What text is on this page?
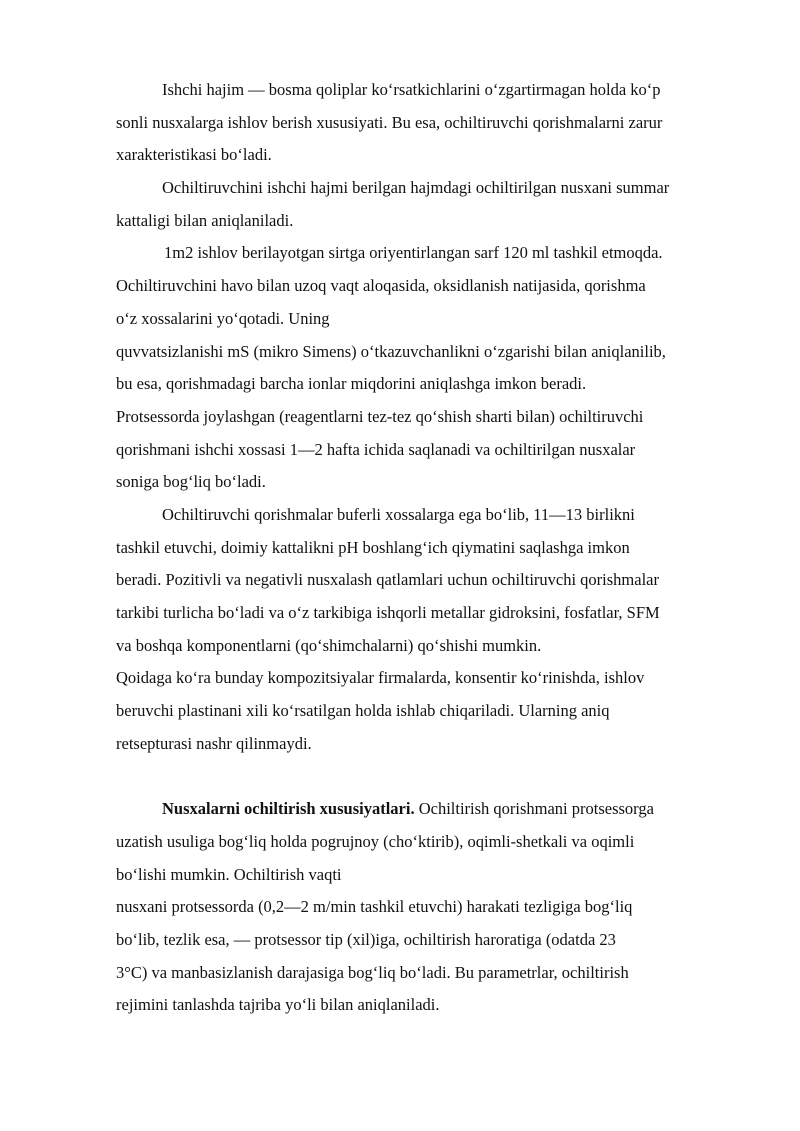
Ishchi hajim — bosma qoliplar ko‘rsatkichlarini o‘zgartirmagan holda ko‘p
sonli nusxalarga ishlov berish xususiyati. Bu esa, ochiltiruvchi qorishmalarni zarur
xarakteristikasi bo‘ladi.
Ochiltiruvchini ishchi hajmi berilgan hajmdagi ochiltirilgan nusxani summar
kattaligi bilan aniqlaniladi.
1m2 ishlov berilayotgan sirtga oriyentirlangan sarf 120 ml tashkil etmoqda.
Ochiltiruvchini havo bilan uzoq vaqt aloqasida, oksidlanish natijasida, qorishma
o‘z xossalarini yo‘qotadi. Uning
quvvatsizlanishi mS (mikro Simens) o‘tkazuvchanlikni o‘zgarishi bilan aniqlanilib,
bu esa, qorishmadagi barcha ionlar miqdorini aniqlashga imkon beradi.
Protsessorda joylashgan (reagentlarni tez-tez qo‘shish sharti bilan) ochiltiruvchi
qorishmani ishchi xossasi 1—2 hafta ichida saqlanadi va ochiltirilgan nusxalar
soniga bog‘liq bo‘ladi.
Ochiltiruvchi qorishmalar buferli xossalarga ega bo‘lib, 11—13 birlikni
tashkil etuvchi, doimiy kattalikni pH boshlang‘ich qiymatini saqlashga imkon
beradi. Pozitivli va negativli nusxalash qatlamlari uchun ochiltiruvchi qorishmalar
tarkibi turlicha bo‘ladi va o‘z tarkibiga ishqorli metallar gidroksini, fosfatlar, SFM
va boshqa komponentlarni (qo‘shimchalarni) qo‘shishi mumkin.
Qoidaga ko‘ra bunday kompozitsiyalar firmalarda, konsentir ko‘rinishda, ishlov
beruvchi plastinani xili ko‘rsatilgan holda ishlab chiqariladi. Ularning aniq
retsepturasi nashr qilinmaydi.
Nusxalarni ochiltirish xususiyatlari. Ochiltirish qorishmani protsessorga
uzatish usuliga bog‘liq holda pogrujnoy (cho‘ktirib), oqimli-shetkali va oqimli
bo‘lishi mumkin. Ochiltirish vaqti
nusxani protsessorda (0,2—2 m/min tashkil etuvchi) harakati tezligiga bog‘liq
bo‘lib, tezlik esa, — protsessor tip (xil)iga, ochiltirish haroratiga (odatda 23
3°C) va manbasizlanish darajasiga bog‘liq bo‘ladi. Bu parametrlar, ochiltirish
rejimini tanlashda tajriba yo‘li bilan aniqlaniladi.
